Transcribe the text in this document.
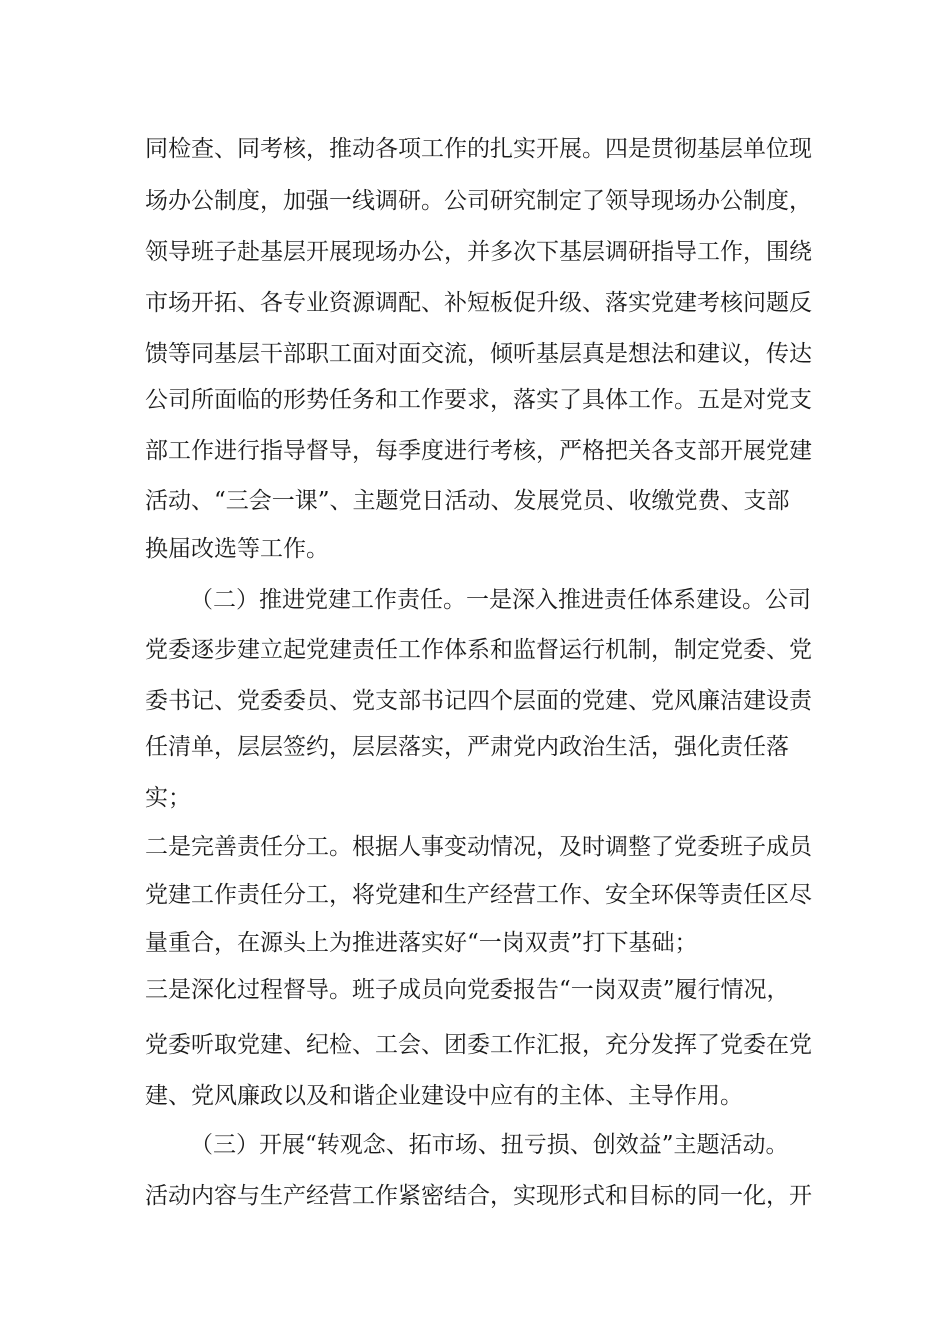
同检查、同考核，推动各项工作的扎实开展。四是贯彻基层单位现

场办公制度，加强一线调研。公司研究制定了领导现场办公制度，

领导班子赴基层开展现场办公，并多次下基层调研指导工作，围绕

市场开拓、各专业资源调配、补短板促升级、落实党建考核问题反

馈等同基层干部职工面对面交流，倾听基层真是想法和建议，传达

公司所面临的形势任务和工作要求，落实了具体工作。五是对党支

部工作进行指导督导，每季度进行考核，严格把关各支部开展党建

活动、“三会一课”、主题党日活动、发展党员、收缴党费、支部

换届改选等工作。

（二）推进党建工作责任。一是深入推进责任体系建设。公司

党委逐步建立起党建责任工作体系和监督运行机制，制定党委、党

委书记、党委委员、党支部书记四个层面的党建、党风廉洁建设责

任清单，层层签约，层层落实，严肃党内政治生活，强化责任落

实；

二是完善责任分工。根据人事变动情况，及时调整了党委班子成员

党建工作责任分工，将党建和生产经营工作、安全环保等责任区尽

量重合，在源头上为推进落实好“一岗双责”打下基础；

三是深化过程督导。班子成员向党委报告“一岗双责”履行情况，

党委听取党建、纪检、工会、团委工作汇报，充分发挥了党委在党

建、党风廉政以及和谐企业建设中应有的主体、主导作用。

（三）开展“转观念、拓市场、扭亏损、创效益”主题活动。

活动内容与生产经营工作紧密结合，实现形式和目标的同一化，开
